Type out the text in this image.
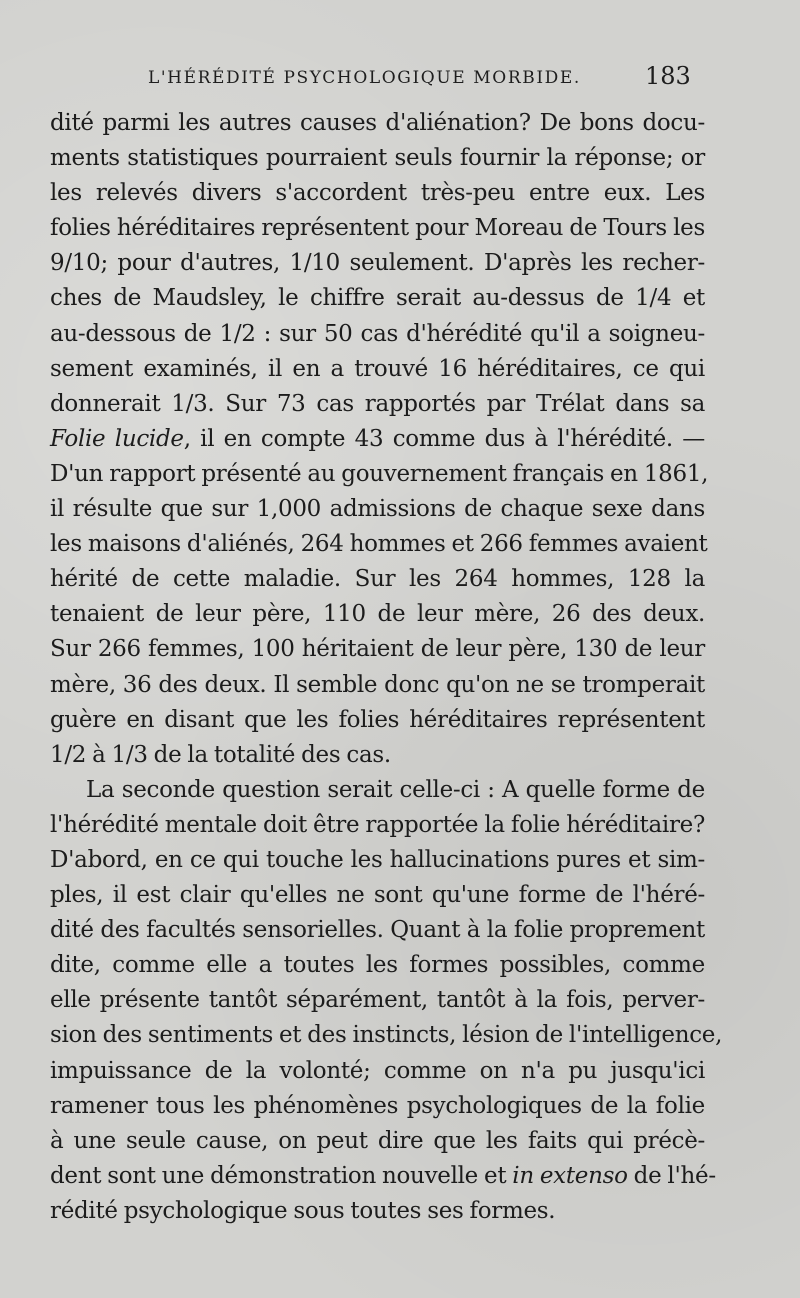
L'HÉRÉDITÉ PSYCHOLOGIQUE MORBIDE.	183
dité parmi les autres causes d'aliénation? De bons docu-
ments statistiques pourraient seuls fournir la réponse; or
les relevés divers s'accordent très-peu entre eux. Les
folies héréditaires représentent pour Moreau de Tours les
9/10; pour d'autres, 1/10 seulement. D'après les recher-
ches de Maudsley, le chiffre serait au-dessus de 1/4 et
au-dessous de 1/2 : sur 50 cas d'hérédité qu'il a soigneu-
sement examinés, il en a trouvé 16 héréditaires, ce qui
donnerait 1/3. Sur 73 cas rapportés par Trélat dans sa
Folie lucide, il en compte 43 comme dus à l'hérédité. —
D'un rapport présenté au gouvernement français en 1861,
il résulte que sur 1,000 admissions de chaque sexe dans
les maisons d'aliénés, 264 hommes et 266 femmes avaient
hérité de cette maladie. Sur les 264 hommes, 128 la
tenaient de leur père, 110 de leur mère, 26 des deux.
Sur 266 femmes, 100 héritaient de leur père, 130 de leur
mère, 36 des deux. Il semble donc qu'on ne se tromperait
guère en disant que les folies héréditaires représentent
1/2 à 1/3 de la totalité des cas.
La seconde question serait celle-ci : A quelle forme de
l'hérédité mentale doit être rapportée la folie héréditaire?
D'abord, en ce qui touche les hallucinations pures et sim-
ples, il est clair qu'elles ne sont qu'une forme de l'héré-
dité des facultés sensorielles. Quant à la folie proprement
dite, comme elle a toutes les formes possibles, comme
elle présente tantôt séparément, tantôt à la fois, perver-
sion des sentiments et des instincts, lésion de l'intelligence,
impuissance de la volonté; comme on n'a pu jusqu'ici
ramener tous les phénomènes psychologiques de la folie
à une seule cause, on peut dire que les faits qui précè-
dent sont une démonstration nouvelle et in extenso de l'hé-
rédité psychologique sous toutes ses formes.
